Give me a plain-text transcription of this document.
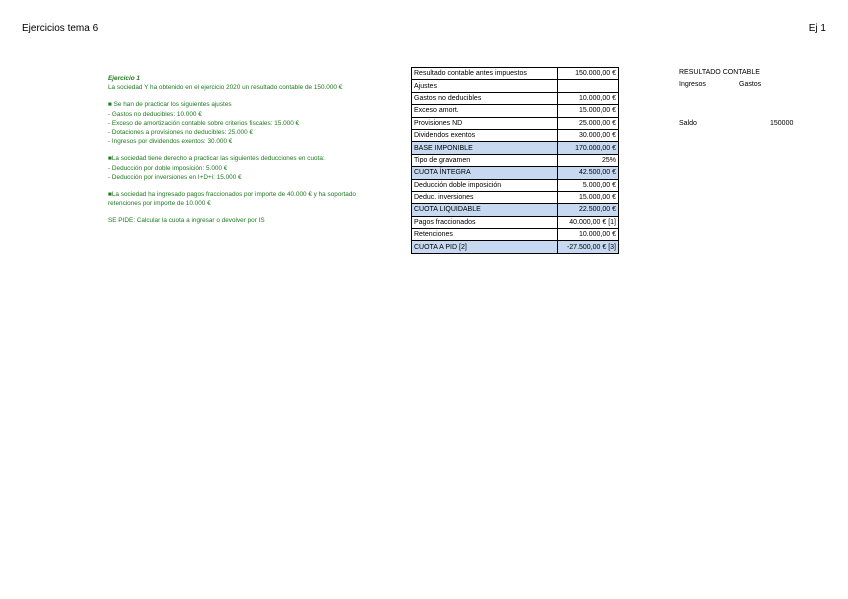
Ejercicios tema 6	Ej 1

Ejercicio 1

La sociedad Y ha obtenido en el ejercicio 2020 un resultado contable de 150.000 €

■ Se han de practicar los siguientes ajustes

- Gastos no deducibles: 10.000 €

- Exceso de amortización contable sobre criterios fiscales: 15.000 €

- Dotaciones a provisiones no deducibles: 25.000 €

- Ingresos por dividendos exentos: 30.000 €

■La sociedad tiene derecho a practicar las siguientes deducciones en cuota:

- Deducción por doble imposición: 5.000 €

- Deducción por inversiones en I+D+i: 15.000 €

■La sociedad ha ingresado pagos fraccionados por importe de 40.000 € y ha soportado retenciones por importe de 10.000 €

SE PIDE: Calcular la cuota a ingresar o devolver por IS

Resultado contable antes impuestos	150.000,00 €
Ajustes	
Gastos no deducibles	10.000,00 €
Exceso amort.	15.000,00 €
Provisiones ND	25.000,00 €
Dividendos exentos	30.000,00 €
BASE IMPONIBLE	170.000,00 €
Tipo de gravamen	25%
CUOTA ÍNTEGRA	42.500,00 €
Deducción doble imposición	5.000,00 €
Deduc. inversiones	15.000,00 €
CUOTA LIQUIDABLE	22.500,00 €
Pagos fraccionados	40.000,00 € [1]
Retenciones	10.000,00 €
CUOTA A PID [2]	-27.500,00 € [3]
RESULTADO CONTABLE
Ingresos	Gastos
Saldo	150000
